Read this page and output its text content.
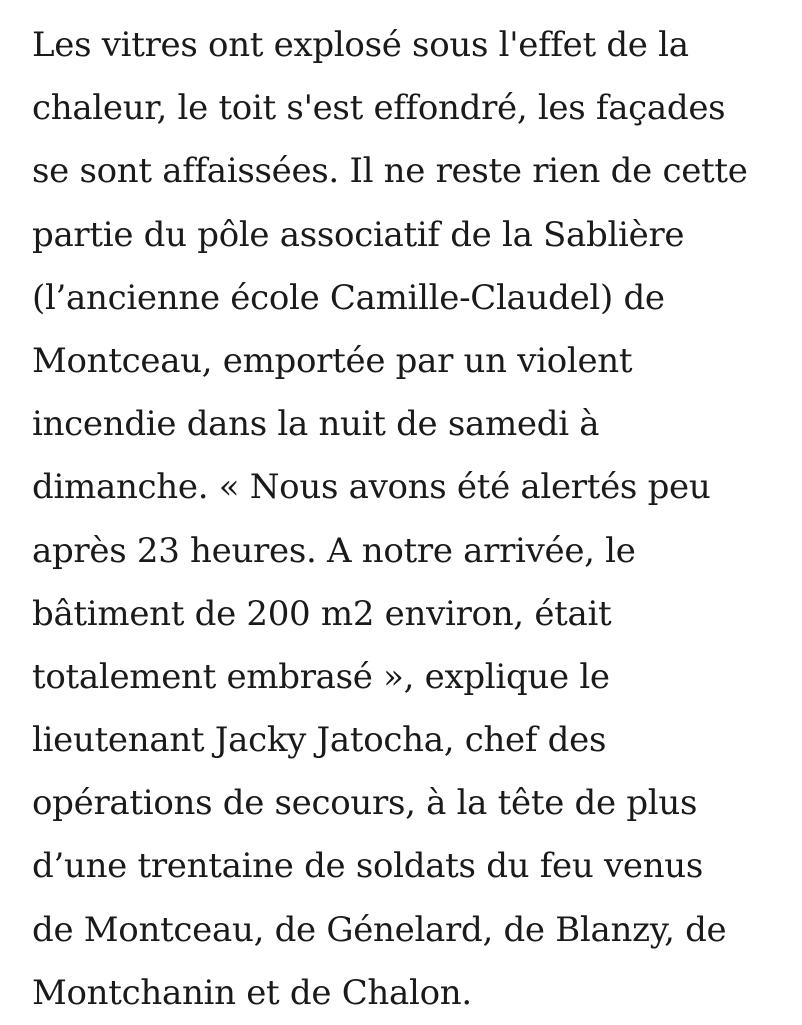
Les vitres ont explosé sous l'effet de la
chaleur, le toit s'est effondré, les façades
se sont affaissées. Il ne reste rien de cette
partie du pôle associatif de la Sablière
(l’ancienne école Camille-Claudel) de
Montceau, emportée par un violent
incendie dans la nuit de samedi à
dimanche. « Nous avons été alertés peu
après 23 heures. A notre arrivée, le
bâtiment de 200 m2 environ, était
totalement embrasé », explique le
lieutenant Jacky Jatocha, chef des
opérations de secours, à la tête de plus
d’une trentaine de soldats du feu venus
de Montceau, de Génelard, de Blanzy, de
Montchanin et de Chalon.
